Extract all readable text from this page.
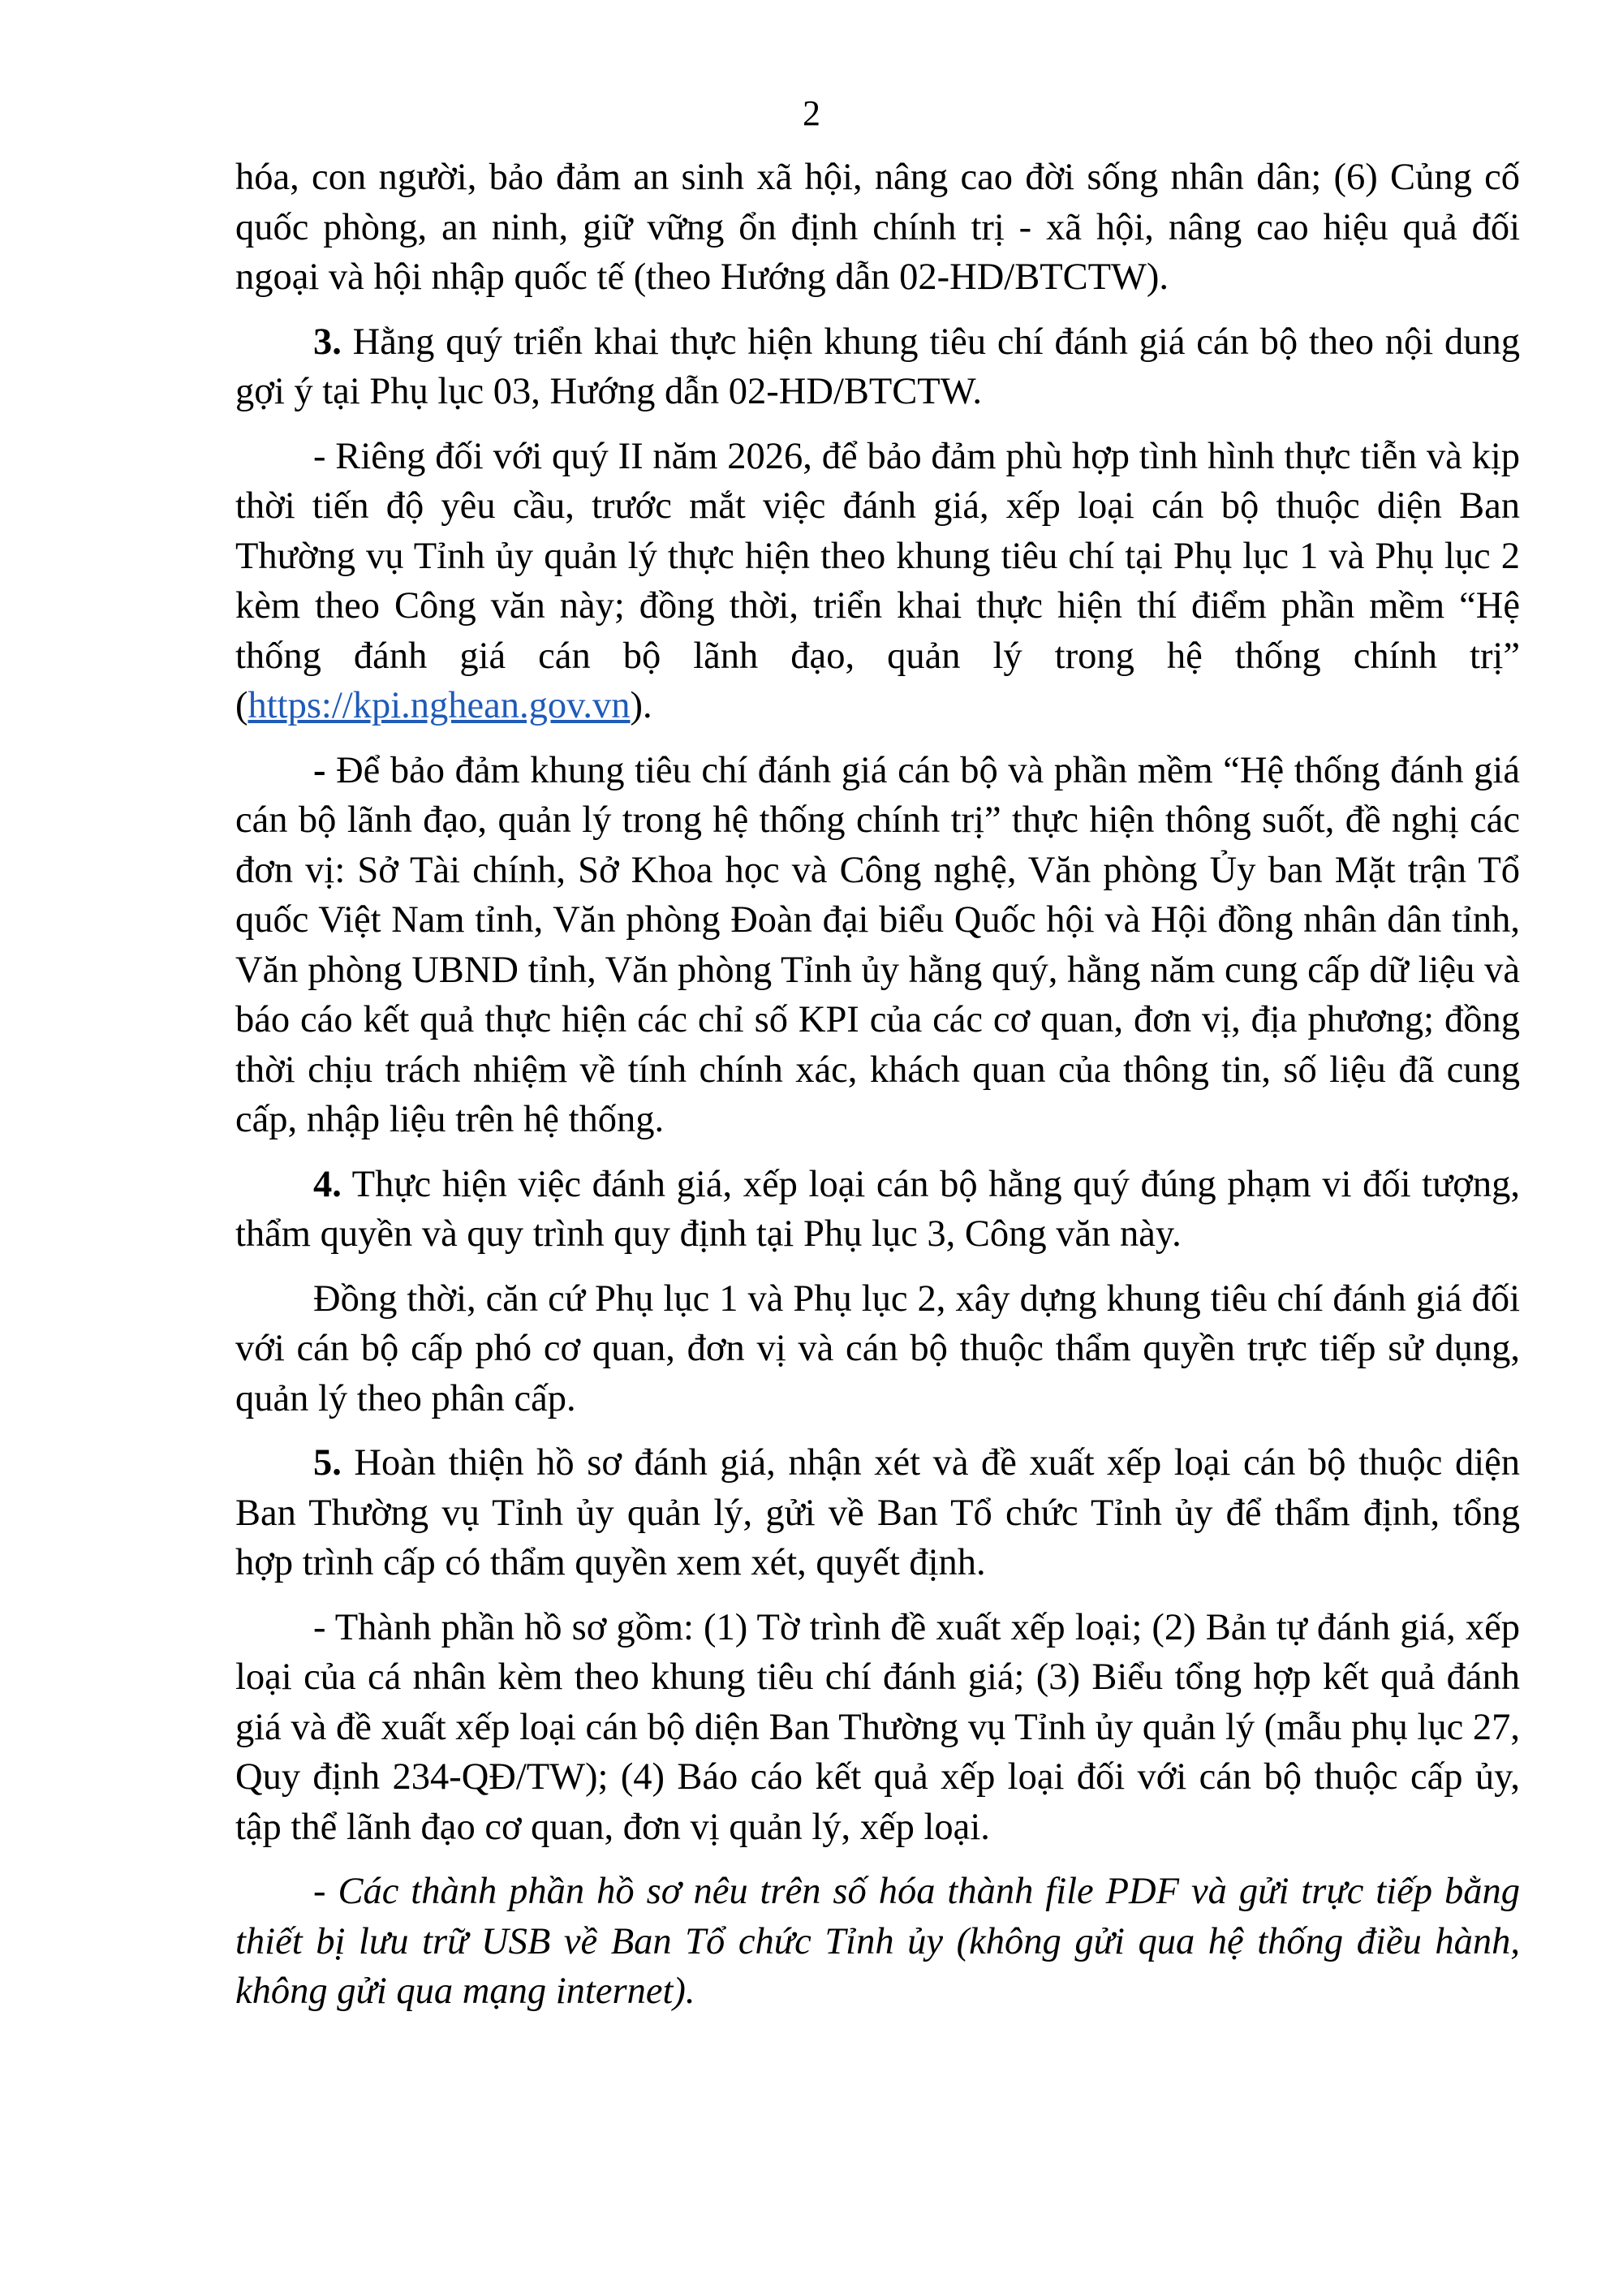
2

hóa, con người, bảo đảm an sinh xã hội, nâng cao đời sống nhân dân; (6) Củng cố quốc phòng, an ninh, giữ vững ổn định chính trị - xã hội, nâng cao hiệu quả đối ngoại và hội nhập quốc tế (theo Hướng dẫn 02-HD/BTCTW).

3. Hằng quý triển khai thực hiện khung tiêu chí đánh giá cán bộ theo nội dung gợi ý tại Phụ lục 03, Hướng dẫn 02-HD/BTCTW.

- Riêng đối với quý II năm 2026, để bảo đảm phù hợp tình hình thực tiễn và kịp thời tiến độ yêu cầu, trước mắt việc đánh giá, xếp loại cán bộ thuộc diện Ban Thường vụ Tỉnh ủy quản lý thực hiện theo khung tiêu chí tại Phụ lục 1 và Phụ lục 2 kèm theo Công văn này; đồng thời, triển khai thực hiện thí điểm phần mềm “Hệ thống đánh giá cán bộ lãnh đạo, quản lý trong hệ thống chính trị” (https://kpi.nghean.gov.vn).

- Để bảo đảm khung tiêu chí đánh giá cán bộ và phần mềm “Hệ thống đánh giá cán bộ lãnh đạo, quản lý trong hệ thống chính trị” thực hiện thông suốt, đề nghị các đơn vị: Sở Tài chính, Sở Khoa học và Công nghệ, Văn phòng Ủy ban Mặt trận Tổ quốc Việt Nam tỉnh, Văn phòng Đoàn đại biểu Quốc hội và Hội đồng nhân dân tỉnh, Văn phòng UBND tỉnh, Văn phòng Tỉnh ủy hằng quý, hằng năm cung cấp dữ liệu và báo cáo kết quả thực hiện các chỉ số KPI của các cơ quan, đơn vị, địa phương; đồng thời chịu trách nhiệm về tính chính xác, khách quan của thông tin, số liệu đã cung cấp, nhập liệu trên hệ thống.

4. Thực hiện việc đánh giá, xếp loại cán bộ hằng quý đúng phạm vi đối tượng, thẩm quyền và quy trình quy định tại Phụ lục 3, Công văn này.

Đồng thời, căn cứ Phụ lục 1 và Phụ lục 2, xây dựng khung tiêu chí đánh giá đối với cán bộ cấp phó cơ quan, đơn vị và cán bộ thuộc thẩm quyền trực tiếp sử dụng, quản lý theo phân cấp.

5. Hoàn thiện hồ sơ đánh giá, nhận xét và đề xuất xếp loại cán bộ thuộc diện Ban Thường vụ Tỉnh ủy quản lý, gửi về Ban Tổ chức Tỉnh ủy để thẩm định, tổng hợp trình cấp có thẩm quyền xem xét, quyết định.

- Thành phần hồ sơ gồm: (1) Tờ trình đề xuất xếp loại; (2) Bản tự đánh giá, xếp loại của cá nhân kèm theo khung tiêu chí đánh giá; (3) Biểu tổng hợp kết quả đánh giá và đề xuất xếp loại cán bộ diện Ban Thường vụ Tỉnh ủy quản lý (mẫu phụ lục 27, Quy định 234-QĐ/TW); (4) Báo cáo kết quả xếp loại đối với cán bộ thuộc cấp ủy, tập thể lãnh đạo cơ quan, đơn vị quản lý, xếp loại.

- Các thành phần hồ sơ nêu trên số hóa thành file PDF và gửi trực tiếp bằng thiết bị lưu trữ USB về Ban Tổ chức Tỉnh ủy (không gửi qua hệ thống điều hành, không gửi qua mạng internet).
